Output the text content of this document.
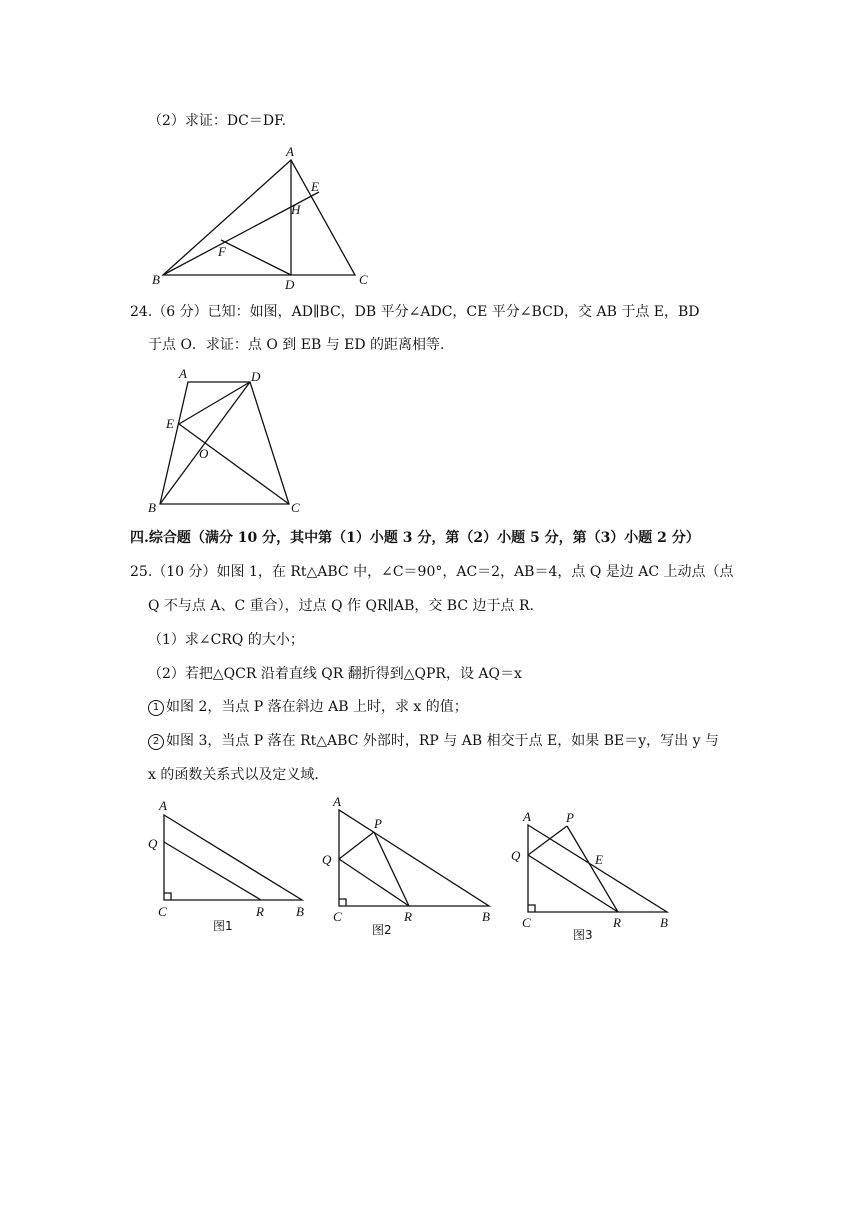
（2）求证：DC＝DF.
A
E
H
F
B	D	C
24.（6 分）已知：如图，AD∥BC，DB 平分∠ADC，CE 平分∠BCD，交 AB 于点 E，BD
于点 O．求证：点 O 到 EB 与 ED 的距离相等.
A	D
E
O
B	C
四.综合题（满分 10 分，其中第（1）小题 3 分，第（2）小题 5 分，第（3）小题 2 分）
25.（10 分）如图 1，在 Rt△ABC 中，∠C＝90°，AC＝2，AB＝4，点 Q 是边 AC 上动点（点
Q 不与点 A、C 重合），过点 Q 作 QR∥AB，交 BC 边于点 R．
（1）求∠CRQ 的大小；
（2）若把△QCR 沿着直线 QR 翻折得到△QPR，设 AQ＝x
1 如图 2，当点 P 落在斜边 AB 上时，求 x 的值；
2 如图 3，当点 P 落在 Rt△ABC 外部时，RP 与 AB 相交于点 E，如果 BE＝y，写出 y 与
x 的函数关系式以及定义域.
A
Q
C	R B
图1
A
P
Q
C	R	B
图2
A	P
Q	E
C	R	B
图3
